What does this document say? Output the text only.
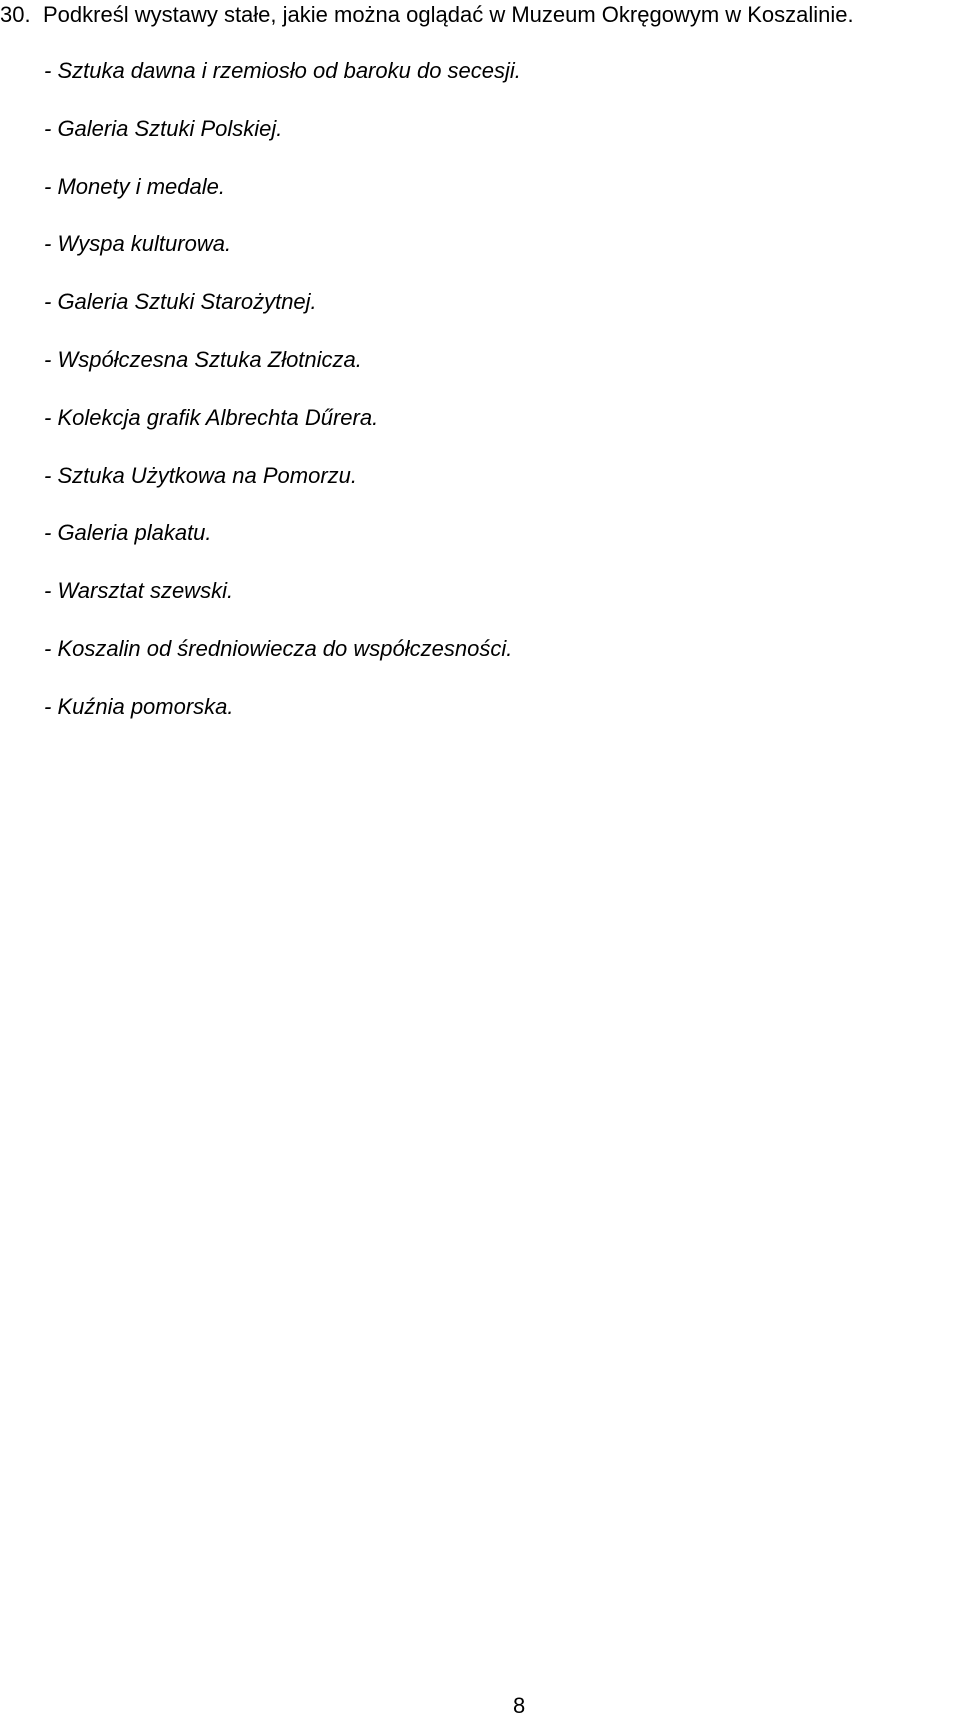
30. Podkreśl wystawy stałe, jakie można oglądać w Muzeum Okręgowym w Koszalinie.

- Sztuka dawna i rzemiosło od baroku do secesji.
- Galeria Sztuki Polskiej.
- Monety i medale.
- Wyspa kulturowa.
- Galeria Sztuki Starożytnej.
- Współczesna Sztuka Złotnicza.
- Kolekcja grafik Albrechta Dűrera.
- Sztuka Użytkowa na Pomorzu.
- Galeria plakatu.
- Warsztat szewski.
- Koszalin od średniowiecza do współczesności.
- Kuźnia pomorska.
8
